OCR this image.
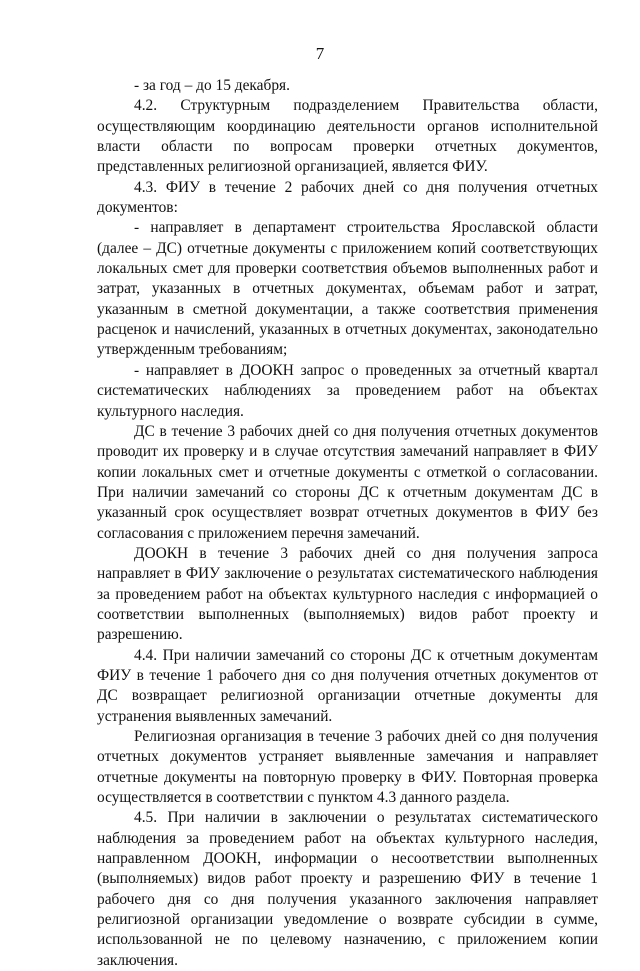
7

- за год – до 15 декабря.

4.2. Структурным подразделением Правительства области, осуществляющим координацию деятельности органов исполнительной власти области по вопросам проверки отчетных документов, представленных религиозной организацией, является ФИУ.

4.3. ФИУ в течение 2 рабочих дней со дня получения отчетных документов:

- направляет в департамент строительства Ярославской области (далее – ДС) отчетные документы с приложением копий соответствующих локальных смет для проверки соответствия объемов выполненных работ и затрат, указанных в отчетных документах, объемам работ и затрат, указанным в сметной документации, а также соответствия применения расценок и начислений, указанных в отчетных документах, законодательно утвержденным требованиям;

- направляет в ДООКН запрос о проведенных за отчетный квартал систематических наблюдениях за проведением работ на объектах культурного наследия.

ДС в течение 3 рабочих дней со дня получения отчетных документов проводит их проверку и в случае отсутствия замечаний направляет в ФИУ копии локальных смет и отчетные документы с отметкой о согласовании. При наличии замечаний со стороны ДС к отчетным документам ДС в указанный срок осуществляет возврат отчетных документов в ФИУ без согласования с приложением перечня замечаний.

ДООКН в течение 3 рабочих дней со дня получения запроса направляет в ФИУ заключение о результатах систематического наблюдения за проведением работ на объектах культурного наследия с информацией о соответствии выполненных (выполняемых) видов работ проекту и разрешению.

4.4. При наличии замечаний со стороны ДС к отчетным документам ФИУ в течение 1 рабочего дня со дня получения отчетных документов от ДС возвращает религиозной организации отчетные документы для устранения выявленных замечаний.

Религиозная организация в течение 3 рабочих дней со дня получения отчетных документов устраняет выявленные замечания и направляет отчетные документы на повторную проверку в ФИУ. Повторная проверка осуществляется в соответствии с пунктом 4.3 данного раздела.

4.5. При наличии в заключении о результатах систематического наблюдения за проведением работ на объектах культурного наследия, направленном ДООКН, информации о несоответствии выполненных (выполняемых) видов работ проекту и разрешению ФИУ в течение 1 рабочего дня со дня получения указанного заключения направляет религиозной организации уведомление о возврате субсидии в сумме, использованной не по целевому назначению, с приложением копии заключения.
